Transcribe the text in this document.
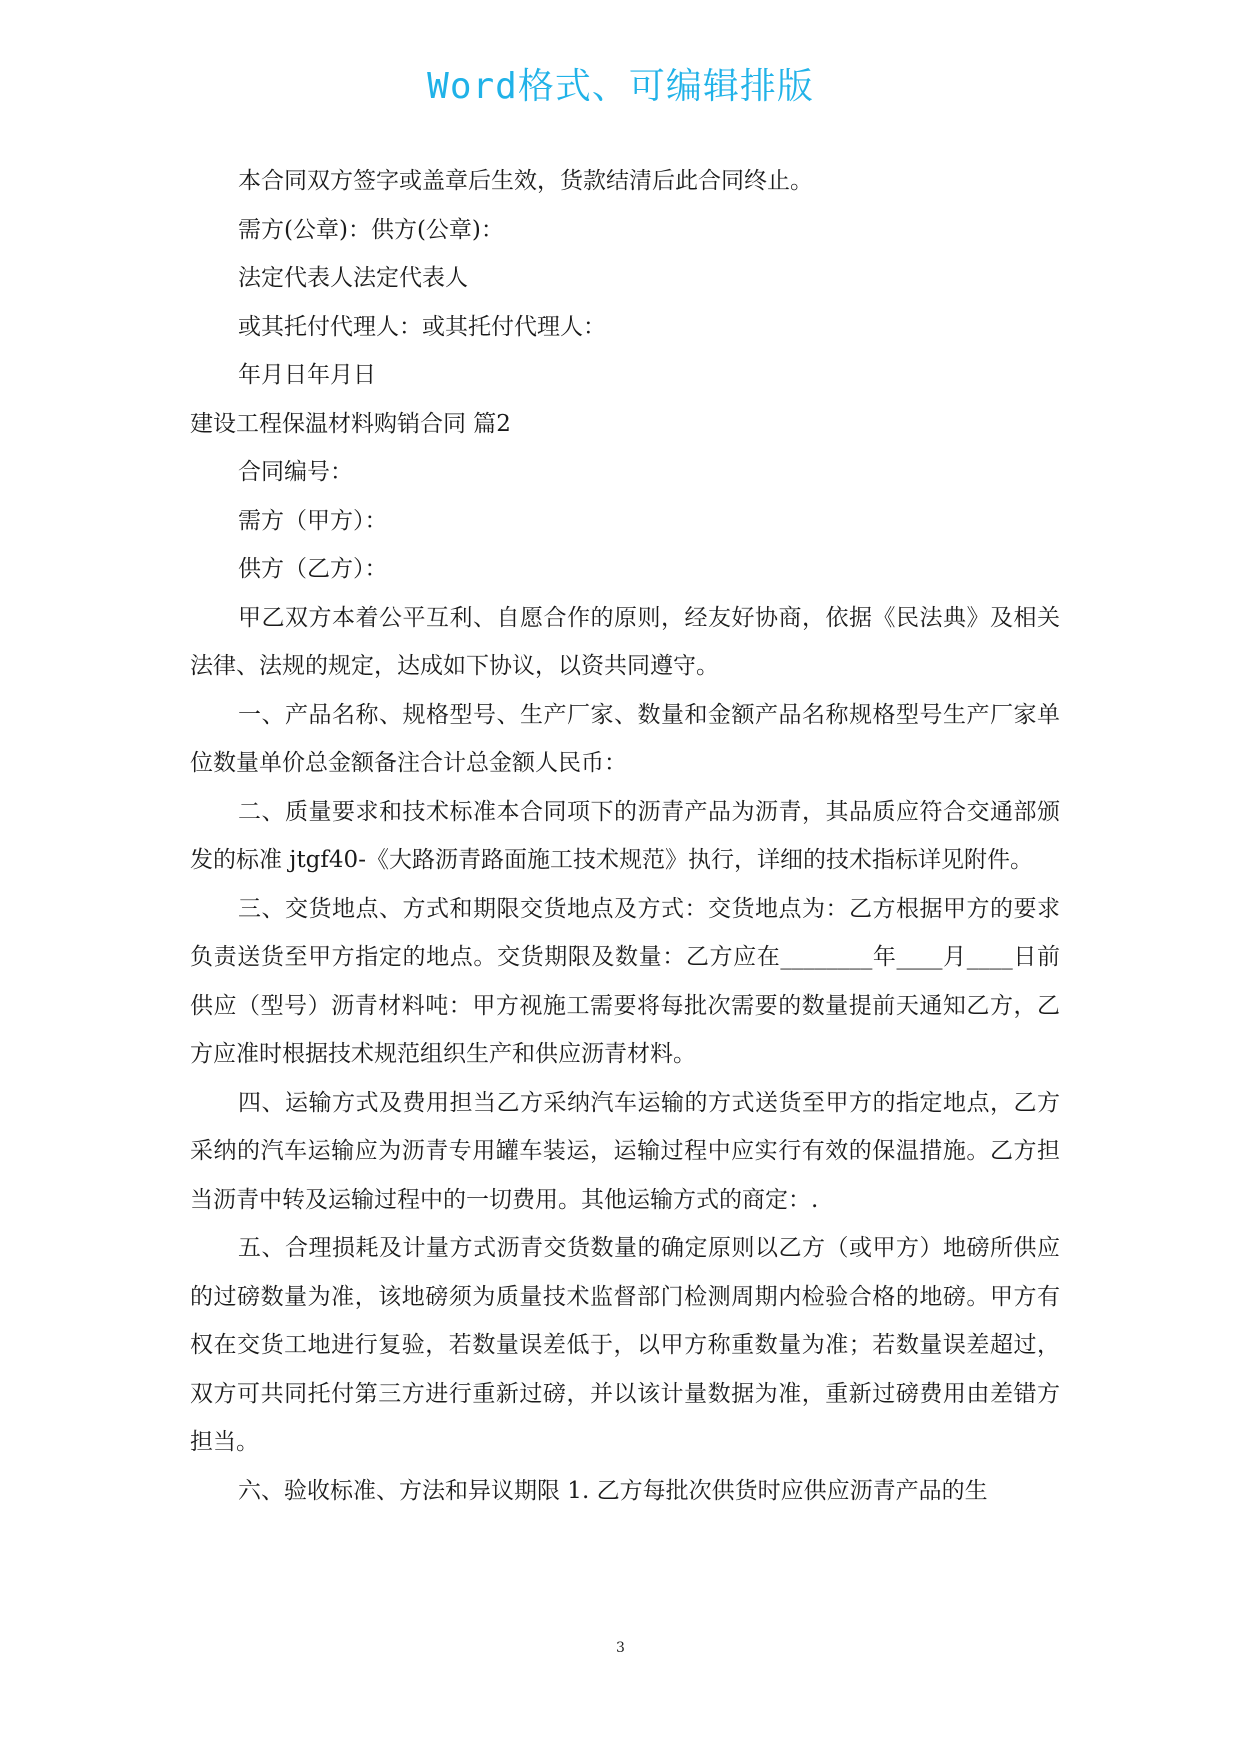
Word格式、可编辑排版

本合同双方签字或盖章后生效，货款结清后此合同终止。

需方(公章)：供方(公章)：

法定代表人法定代表人

或其托付代理人：或其托付代理人：

年月日年月日

建设工程保温材料购销合同 篇2

合同编号：

需方（甲方）：

供方（乙方）：

甲乙双方本着公平互利、自愿合作的原则，经友好协商，依据《民法典》及相关法律、法规的规定，达成如下协议，以资共同遵守。

一、产品名称、规格型号、生产厂家、数量和金额产品名称规格型号生产厂家单位数量单价总金额备注合计总金额人民币：

二、质量要求和技术标准本合同项下的沥青产品为沥青，其品质应符合交通部颁发的标准 jtgf40-《大路沥青路面施工技术规范》执行，详细的技术指标详见附件。

三、交货地点、方式和期限交货地点及方式：交货地点为：乙方根据甲方的要求负责送货至甲方指定的地点。交货期限及数量：乙方应在________年____月____日前供应（型号）沥青材料吨：甲方视施工需要将每批次需要的数量提前天通知乙方，乙方应准时根据技术规范组织生产和供应沥青材料。

四、运输方式及费用担当乙方采纳汽车运输的方式送货至甲方的指定地点，乙方采纳的汽车运输应为沥青专用罐车装运，运输过程中应实行有效的保温措施。乙方担当沥青中转及运输过程中的一切费用。其他运输方式的商定：.

五、合理损耗及计量方式沥青交货数量的确定原则以乙方（或甲方）地磅所供应的过磅数量为准，该地磅须为质量技术监督部门检测周期内检验合格的地磅。甲方有权在交货工地进行复验，若数量误差低于，以甲方称重数量为准；若数量误差超过，双方可共同托付第三方进行重新过磅，并以该计量数据为准，重新过磅费用由差错方担当。

六、验收标准、方法和异议期限 1. 乙方每批次供货时应供应沥青产品的生

3
